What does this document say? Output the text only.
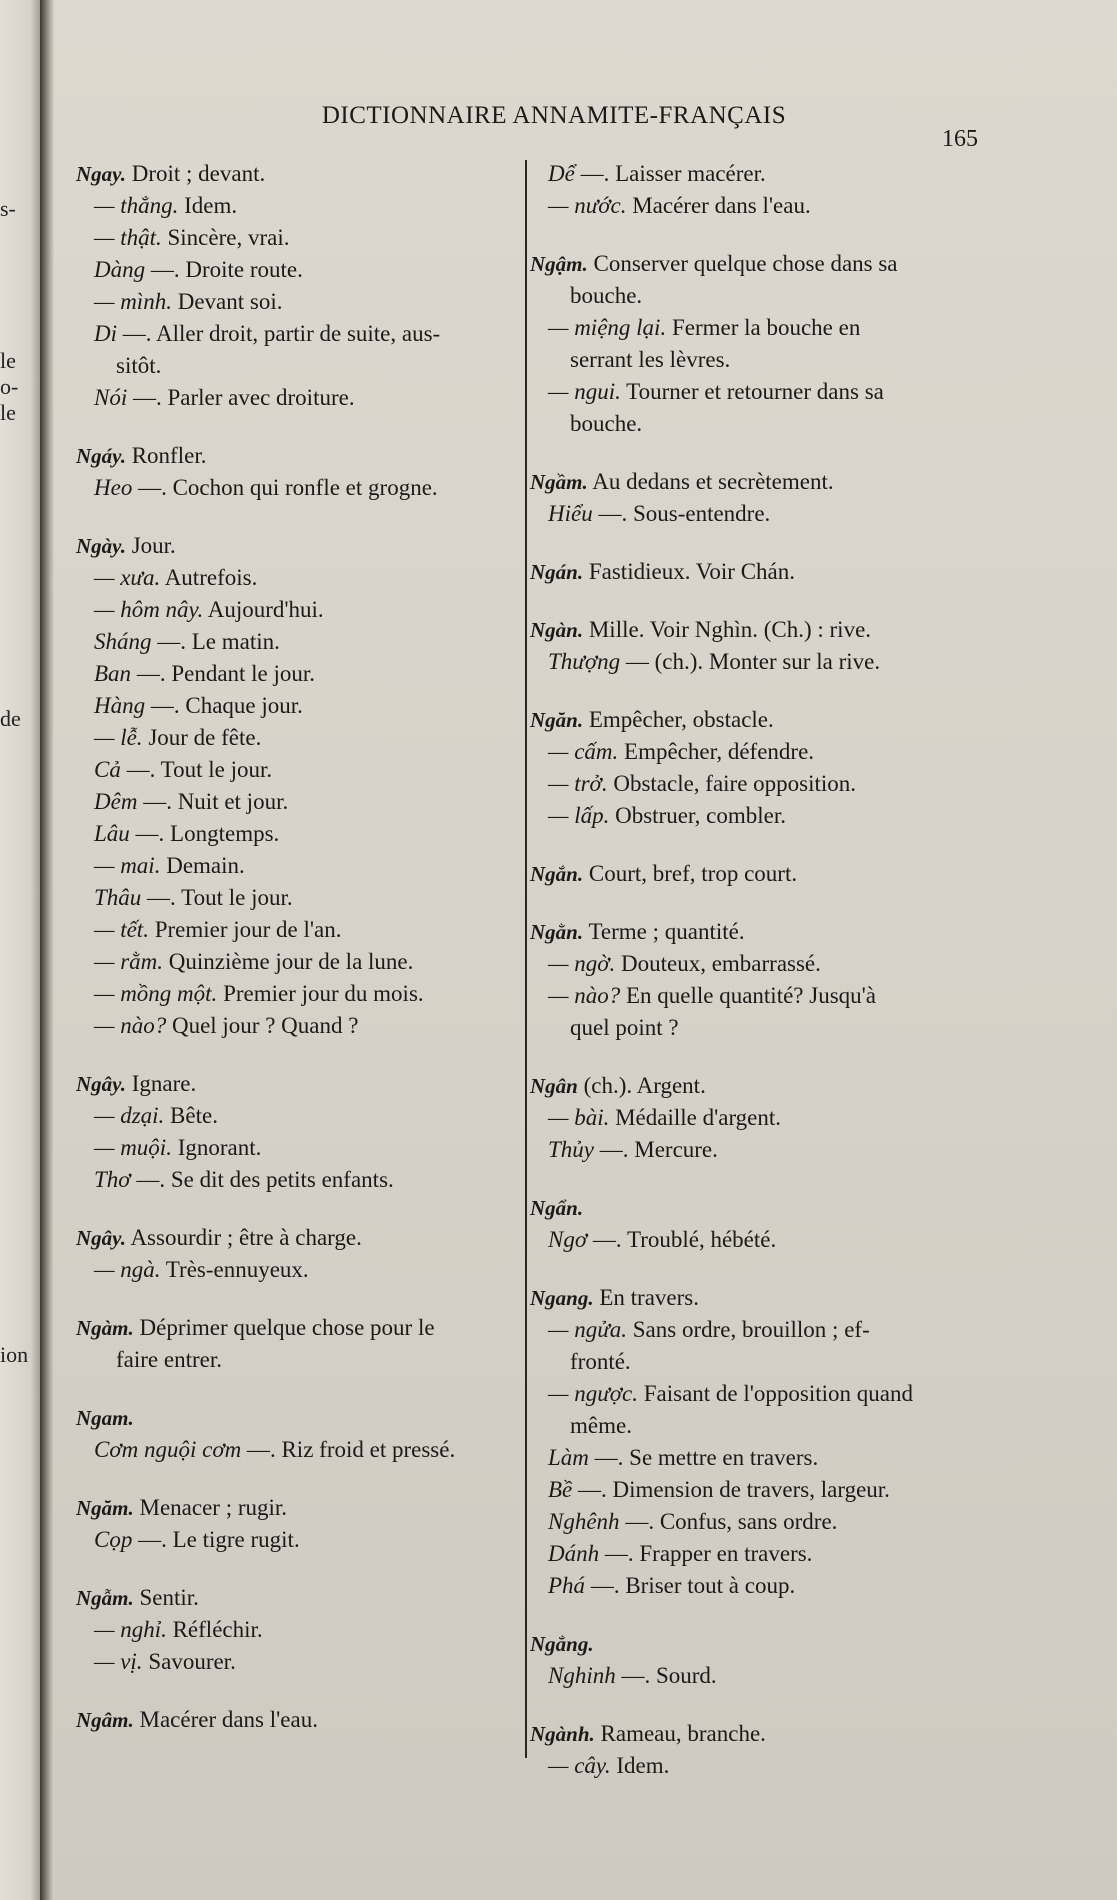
s-
le
o-
le
de
ion
DICTIONNAIRE ANNAMITE-FRANÇAIS
165
Ngay. Droit ; devant.
— thẳng. Idem.
— thật. Sincère, vrai.
Dàng —. Droite route.
— mình. Devant soi.
Di —. Aller droit, partir de suite, aus-
sitôt.
Nói —. Parler avec droiture.
Ngáy. Ronfler.
Heo —. Cochon qui ronfle et grogne.
Ngày. Jour.
— xưa. Autrefois.
— hôm nây. Aujourd'hui.
Sháng —. Le matin.
Ban —. Pendant le jour.
Hàng —. Chaque jour.
— lễ. Jour de fête.
Cả —. Tout le jour.
Dêm —. Nuit et jour.
Lâu —. Longtemps.
— mai. Demain.
Thâu —. Tout le jour.
— tết. Premier jour de l'an.
— rằm. Quinzième jour de la lune.
— mồng một. Premier jour du mois.
— nào? Quel jour ? Quand ?
Ngây. Ignare.
— dzại. Bête.
— muội. Ignorant.
Thơ —. Se dit des petits enfants.
Ngây. Assourdir ; être à charge.
— ngà. Très-ennuyeux.
Ngàm. Déprimer quelque chose pour le
faire entrer.
Ngam.
Cơm nguội cơm —. Riz froid et pressé.
Ngăm. Menacer ; rugir.
Cọp —. Le tigre rugit.
Ngẫm. Sentir.
— nghỉ. Réfléchir.
— vị. Savourer.
Ngâm. Macérer dans l'eau.
Dể —. Laisser macérer.
— nước. Macérer dans l'eau.
Ngậm. Conserver quelque chose dans sa
bouche.
— miệng lại. Fermer la bouche en
serrant les lèvres.
— ngui. Tourner et retourner dans sa
bouche.
Ngầm. Au dedans et secrètement.
Hiểu —. Sous-entendre.
Ngán. Fastidieux. Voir Chán.
Ngàn. Mille. Voir Nghìn. (Ch.) : rive.
Thượng — (ch.). Monter sur la rive.
Ngăn. Empêcher, obstacle.
— cấm. Empêcher, défendre.
— trở. Obstacle, faire opposition.
— lấp. Obstruer, combler.
Ngắn. Court, bref, trop court.
Ngằn. Terme ; quantité.
— ngờ. Douteux, embarrassé.
— nào? En quelle quantité? Jusqu'à
quel point ?
Ngân (ch.). Argent.
— bài. Médaille d'argent.
Thủy —. Mercure.
Ngẩn.
Ngơ —. Troublé, hébété.
Ngang. En travers.
— ngửa. Sans ordre, brouillon ; ef-
fronté.
— ngược. Faisant de l'opposition quand
même.
Làm —. Se mettre en travers.
Bề —. Dimension de travers, largeur.
Nghênh —. Confus, sans ordre.
Dánh —. Frapper en travers.
Phá —. Briser tout à coup.
Ngẳng.
Nghinh —. Sourd.
Ngành. Rameau, branche.
— cây. Idem.
